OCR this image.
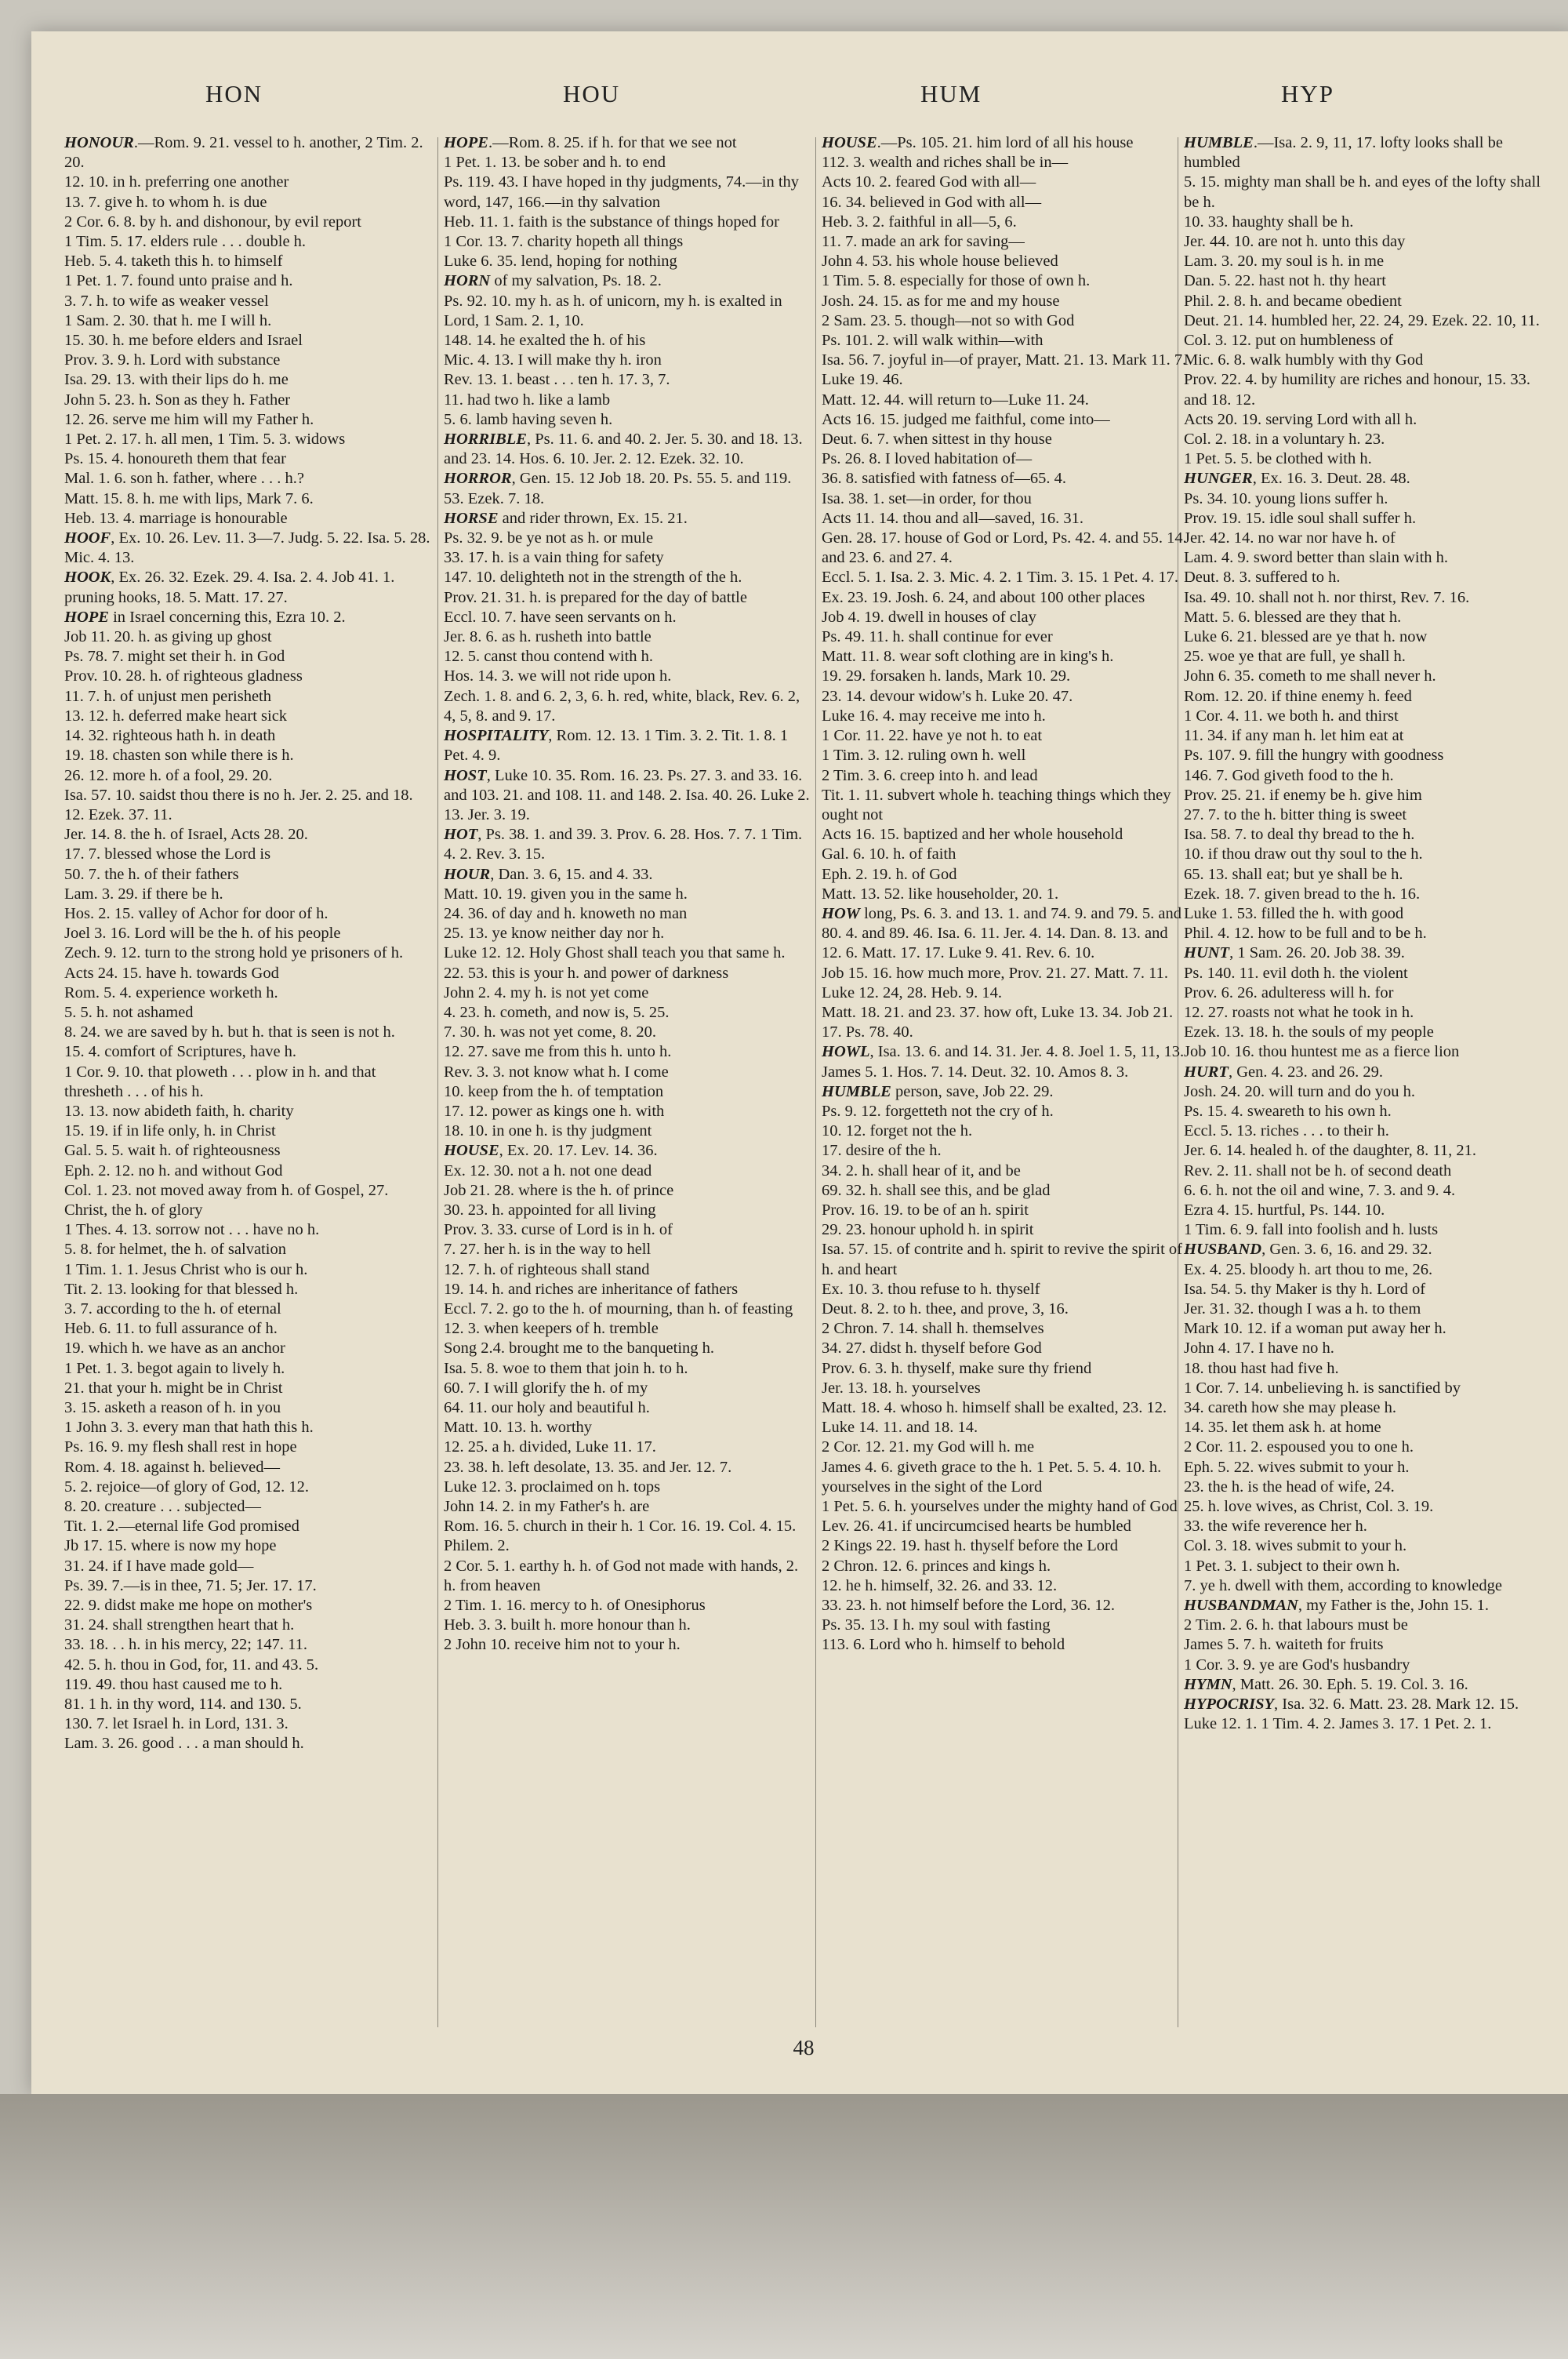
HON	HOU	HUM	HYP

HONOUR.—Rom. 9. 21. vessel to h. another, 2 Tim. 2. 20.

12. 10. in h. preferring one another

13. 7. give h. to whom h. is due

2 Cor. 6. 8. by h. and dishonour, by evil report

1 Tim. 5. 17. elders rule . . . double h.

Heb. 5. 4. taketh this h. to himself

1 Pet. 1. 7. found unto praise and h.

3. 7. h. to wife as weaker vessel

1 Sam. 2. 30. that h. me I will h.

15. 30. h. me before elders and Israel

Prov. 3. 9. h. Lord with substance

Isa. 29. 13. with their lips do h. me

John 5. 23. h. Son as they h. Father

12. 26. serve me him will my Father h.

1 Pet. 2. 17. h. all men, 1 Tim. 5. 3. widows

Ps. 15. 4. honoureth them that fear

Mal. 1. 6. son h. father, where . . . h.?

Matt. 15. 8. h. me with lips, Mark 7. 6.

Heb. 13. 4. marriage is honourable

HOOF, Ex. 10. 26. Lev. 11. 3—7. Judg. 5. 22. Isa. 5. 28. Mic. 4. 13.

HOOK, Ex. 26. 32. Ezek. 29. 4. Isa. 2. 4. Job 41. 1. pruning hooks, 18. 5. Matt. 17. 27.

HOPE in Israel concerning this, Ezra 10. 2.

Job 11. 20. h. as giving up ghost

Ps. 78. 7. might set their h. in God

Prov. 10. 28. h. of righteous gladness

11. 7. h. of unjust men perisheth

13. 12. h. deferred make heart sick

14. 32. righteous hath h. in death

19. 18. chasten son while there is h.

26. 12. more h. of a fool, 29. 20.

Isa. 57. 10. saidst thou there is no h. Jer. 2. 25. and 18. 12. Ezek. 37. 11.

Jer. 14. 8. the h. of Israel, Acts 28. 20.

17. 7. blessed whose the Lord is

50. 7. the h. of their fathers

Lam. 3. 29. if there be h.

Hos. 2. 15. valley of Achor for door of h.

Joel 3. 16. Lord will be the h. of his people

Zech. 9. 12. turn to the strong hold ye prisoners of h.

Acts 24. 15. have h. towards God

Rom. 5. 4. experience worketh h.

5. 5. h. not ashamed

8. 24. we are saved by h. but h. that is seen is not h.

15. 4. comfort of Scriptures, have h.

1 Cor. 9. 10. that ploweth . . . plow in h. and that thresheth . . . of his h.

13. 13. now abideth faith, h. charity

15. 19. if in life only, h. in Christ

Gal. 5. 5. wait h. of righteousness

Eph. 2. 12. no h. and without God

Col. 1. 23. not moved away from h. of Gospel, 27. Christ, the h. of glory

1 Thes. 4. 13. sorrow not . . . have no h.

5. 8. for helmet, the h. of salvation

1 Tim. 1. 1. Jesus Christ who is our h.

Tit. 2. 13. looking for that blessed h.

3. 7. according to the h. of eternal

Heb. 6. 11. to full assurance of h.

19. which h. we have as an anchor

1 Pet. 1. 3. begot again to lively h.

21. that your h. might be in Christ

3. 15. asketh a reason of h. in you

1 John 3. 3. every man that hath this h.

Ps. 16. 9. my flesh shall rest in hope

Rom. 4. 18. against h. believed—

5. 2. rejoice—of glory of God, 12. 12.

8. 20. creature . . . subjected—

Tit. 1. 2.—eternal life God promised

Jb 17. 15. where is now my hope

31. 24. if I have made gold—

Ps. 39. 7.—is in thee, 71. 5; Jer. 17. 17.

22. 9. didst make me hope on mother's

31. 24. shall strengthen heart that h.

33. 18. . . h. in his mercy, 22; 147. 11.

42. 5. h. thou in God, for, 11. and 43. 5.

119. 49. thou hast caused me to h.

81. 1 h. in thy word, 114. and 130. 5.

130. 7. let Israel h. in Lord, 131. 3.

Lam. 3. 26. good . . . a man should h.

HOPE.—Rom. 8. 25. if h. for that we see not

1 Pet. 1. 13. be sober and h. to end

Ps. 119. 43. I have hoped in thy judgments, 74.—in thy word, 147, 166.—in thy salvation

Heb. 11. 1. faith is the substance of things hoped for

1 Cor. 13. 7. charity hopeth all things

Luke 6. 35. lend, hoping for nothing

HORN of my salvation, Ps. 18. 2.

Ps. 92. 10. my h. as h. of unicorn, my h. is exalted in Lord, 1 Sam. 2. 1, 10.

148. 14. he exalted the h. of his

Mic. 4. 13. I will make thy h. iron

Rev. 13. 1. beast . . . ten h. 17. 3, 7.

11. had two h. like a lamb

5. 6. lamb having seven h.

HORRIBLE, Ps. 11. 6. and 40. 2. Jer. 5. 30. and 18. 13. and 23. 14. Hos. 6. 10. Jer. 2. 12. Ezek. 32. 10.

HORROR, Gen. 15. 12 Job 18. 20. Ps. 55. 5. and 119. 53. Ezek. 7. 18.

HORSE and rider thrown, Ex. 15. 21.

Ps. 32. 9. be ye not as h. or mule

33. 17. h. is a vain thing for safety

147. 10. delighteth not in the strength of the h.

Prov. 21. 31. h. is prepared for the day of battle

Eccl. 10. 7. have seen servants on h.

Jer. 8. 6. as h. rusheth into battle

12. 5. canst thou contend with h.

Hos. 14. 3. we will not ride upon h.

Zech. 1. 8. and 6. 2, 3, 6. h. red, white, black, Rev. 6. 2, 4, 5, 8. and 9. 17.

HOSPITALITY, Rom. 12. 13. 1 Tim. 3. 2. Tit. 1. 8. 1 Pet. 4. 9.

HOST, Luke 10. 35. Rom. 16. 23. Ps. 27. 3. and 33. 16. and 103. 21. and 108. 11. and 148. 2. Isa. 40. 26. Luke 2. 13. Jer. 3. 19.

HOT, Ps. 38. 1. and 39. 3. Prov. 6. 28. Hos. 7. 7. 1 Tim. 4. 2. Rev. 3. 15.

HOUR, Dan. 3. 6, 15. and 4. 33.

Matt. 10. 19. given you in the same h.

24. 36. of day and h. knoweth no man

25. 13. ye know neither day nor h.

Luke 12. 12. Holy Ghost shall teach you that same h.

22. 53. this is your h. and power of darkness

John 2. 4. my h. is not yet come

4. 23. h. cometh, and now is, 5. 25.

7. 30. h. was not yet come, 8. 20.

12. 27. save me from this h. unto h.

Rev. 3. 3. not know what h. I come

10. keep from the h. of temptation

17. 12. power as kings one h. with

18. 10. in one h. is thy judgment

HOUSE, Ex. 20. 17. Lev. 14. 36.

Ex. 12. 30. not a h. not one dead

Job 21. 28. where is the h. of prince

30. 23. h. appointed for all living

Prov. 3. 33. curse of Lord is in h. of

7. 27. her h. is in the way to hell

12. 7. h. of righteous shall stand

19. 14. h. and riches are inheritance of fathers

Eccl. 7. 2. go to the h. of mourning, than h. of feasting

12. 3. when keepers of h. tremble

Song 2.4. brought me to the banqueting h.

Isa. 5. 8. woe to them that join h. to h.

60. 7. I will glorify the h. of my

64. 11. our holy and beautiful h.

Matt. 10. 13. h. worthy

12. 25. a h. divided, Luke 11. 17.

23. 38. h. left desolate, 13. 35. and Jer. 12. 7.

Luke 12. 3. proclaimed on h. tops

John 14. 2. in my Father's h. are

Rom. 16. 5. church in their h. 1 Cor. 16. 19. Col. 4. 15. Philem. 2.

2 Cor. 5. 1. earthy h. h. of God not made with hands, 2. h. from heaven

2 Tim. 1. 16. mercy to h. of Onesiphorus

Heb. 3. 3. built h. more honour than h.

2 John 10. receive him not to your h.

HOUSE.—Ps. 105. 21. him lord of all his house

112. 3. wealth and riches shall be in—

Acts 10. 2. feared God with all—

16. 34. believed in God with all—

Heb. 3. 2. faithful in all—5, 6.

11. 7. made an ark for saving—

John 4. 53. his whole house believed

1 Tim. 5. 8. especially for those of own h.

Josh. 24. 15. as for me and my house

2 Sam. 23. 5. though—not so with God

Ps. 101. 2. will walk within—with

Isa. 56. 7. joyful in—of prayer, Matt. 21. 13. Mark 11. 7. Luke 19. 46.

Matt. 12. 44. will return to—Luke 11. 24.

Acts 16. 15. judged me faithful, come into—

Deut. 6. 7. when sittest in thy house

Ps. 26. 8. I loved habitation of—

36. 8. satisfied with fatness of—65. 4.

Isa. 38. 1. set—in order, for thou

Acts 11. 14. thou and all—saved, 16. 31.

Gen. 28. 17. house of God or Lord, Ps. 42. 4. and 55. 14. and 23. 6. and 27. 4.

Eccl. 5. 1. Isa. 2. 3. Mic. 4. 2. 1 Tim. 3. 15. 1 Pet. 4. 17. Ex. 23. 19. Josh. 6. 24, and about 100 other places

Job 4. 19. dwell in houses of clay

Ps. 49. 11. h. shall continue for ever

Matt. 11. 8. wear soft clothing are in king's h.

19. 29. forsaken h. lands, Mark 10. 29.

23. 14. devour widow's h. Luke 20. 47.

Luke 16. 4. may receive me into h.

1 Cor. 11. 22. have ye not h. to eat

1 Tim. 3. 12. ruling own h. well

2 Tim. 3. 6. creep into h. and lead

Tit. 1. 11. subvert whole h. teaching things which they ought not

Acts 16. 15. baptized and her whole household

Gal. 6. 10. h. of faith

Eph. 2. 19. h. of God

Matt. 13. 52. like householder, 20. 1.

HOW long, Ps. 6. 3. and 13. 1. and 74. 9. and 79. 5. and 80. 4. and 89. 46. Isa. 6. 11. Jer. 4. 14. Dan. 8. 13. and 12. 6. Matt. 17. 17. Luke 9. 41. Rev. 6. 10.

Job 15. 16. how much more, Prov. 21. 27. Matt. 7. 11. Luke 12. 24, 28. Heb. 9. 14.

Matt. 18. 21. and 23. 37. how oft, Luke 13. 34. Job 21. 17. Ps. 78. 40.

HOWL, Isa. 13. 6. and 14. 31. Jer. 4. 8. Joel 1. 5, 11, 13. James 5. 1. Hos. 7. 14. Deut. 32. 10. Amos 8. 3.

HUMBLE person, save, Job 22. 29.

Ps. 9. 12. forgetteth not the cry of h.

10. 12. forget not the h.

17. desire of the h.

34. 2. h. shall hear of it, and be

69. 32. h. shall see this, and be glad

Prov. 16. 19. to be of an h. spirit

29. 23. honour uphold h. in spirit

Isa. 57. 15. of contrite and h. spirit to revive the spirit of h. and heart

Ex. 10. 3. thou refuse to h. thyself

Deut. 8. 2. to h. thee, and prove, 3, 16.

2 Chron. 7. 14. shall h. themselves

34. 27. didst h. thyself before God

Prov. 6. 3. h. thyself, make sure thy friend

Jer. 13. 18. h. yourselves

Matt. 18. 4. whoso h. himself shall be exalted, 23. 12. Luke 14. 11. and 18. 14.

2 Cor. 12. 21. my God will h. me

James 4. 6. giveth grace to the h. 1 Pet. 5. 5. 4. 10. h. yourselves in the sight of the Lord

1 Pet. 5. 6. h. yourselves under the mighty hand of God

Lev. 26. 41. if uncircumcised hearts be humbled

2 Kings 22. 19. hast h. thyself before the Lord

2 Chron. 12. 6. princes and kings h.

12. he h. himself, 32. 26. and 33. 12.

33. 23. h. not himself before the Lord, 36. 12.

Ps. 35. 13. I h. my soul with fasting

113. 6. Lord who h. himself to behold

HUMBLE.—Isa. 2. 9, 11, 17. lofty looks shall be humbled

5. 15. mighty man shall be h. and eyes of the lofty shall be h.

10. 33. haughty shall be h.

Jer. 44. 10. are not h. unto this day

Lam. 3. 20. my soul is h. in me

Dan. 5. 22. hast not h. thy heart

Phil. 2. 8. h. and became obedient

Deut. 21. 14. humbled her, 22. 24, 29. Ezek. 22. 10, 11.

Col. 3. 12. put on humbleness of

Mic. 6. 8. walk humbly with thy God

Prov. 22. 4. by humility are riches and honour, 15. 33. and 18. 12.

Acts 20. 19. serving Lord with all h.

Col. 2. 18. in a voluntary h. 23.

1 Pet. 5. 5. be clothed with h.

HUNGER, Ex. 16. 3. Deut. 28. 48.

Ps. 34. 10. young lions suffer h.

Prov. 19. 15. idle soul shall suffer h.

Jer. 42. 14. no war nor have h. of

Lam. 4. 9. sword better than slain with h.

Deut. 8. 3. suffered to h.

Isa. 49. 10. shall not h. nor thirst, Rev. 7. 16.

Matt. 5. 6. blessed are they that h.

Luke 6. 21. blessed are ye that h. now

25. woe ye that are full, ye shall h.

John 6. 35. cometh to me shall never h.

Rom. 12. 20. if thine enemy h. feed

1 Cor. 4. 11. we both h. and thirst

11. 34. if any man h. let him eat at

Ps. 107. 9. fill the hungry with goodness

146. 7. God giveth food to the h.

Prov. 25. 21. if enemy be h. give him

27. 7. to the h. bitter thing is sweet

Isa. 58. 7. to deal thy bread to the h.

10. if thou draw out thy soul to the h.

65. 13. shall eat; but ye shall be h.

Ezek. 18. 7. given bread to the h. 16.

Luke 1. 53. filled the h. with good

Phil. 4. 12. how to be full and to be h.

HUNT, 1 Sam. 26. 20. Job 38. 39.

Ps. 140. 11. evil doth h. the violent

Prov. 6. 26. adulteress will h. for

12. 27. roasts not what he took in h.

Ezek. 13. 18. h. the souls of my people

Job 10. 16. thou huntest me as a fierce lion

HURT, Gen. 4. 23. and 26. 29.

Josh. 24. 20. will turn and do you h.

Ps. 15. 4. sweareth to his own h.

Eccl. 5. 13. riches . . . to their h.

Jer. 6. 14. healed h. of the daughter, 8. 11, 21.

Rev. 2. 11. shall not be h. of second death

6. 6. h. not the oil and wine, 7. 3. and 9. 4.

Ezra 4. 15. hurtful, Ps. 144. 10.

1 Tim. 6. 9. fall into foolish and h. lusts

HUSBAND, Gen. 3. 6, 16. and 29. 32.

Ex. 4. 25. bloody h. art thou to me, 26.

Isa. 54. 5. thy Maker is thy h. Lord of

Jer. 31. 32. though I was a h. to them

Mark 10. 12. if a woman put away her h.

John 4. 17. I have no h.

18. thou hast had five h.

1 Cor. 7. 14. unbelieving h. is sanctified by

34. careth how she may please h.

14. 35. let them ask h. at home

2 Cor. 11. 2. espoused you to one h.

Eph. 5. 22. wives submit to your h.

23. the h. is the head of wife, 24.

25. h. love wives, as Christ, Col. 3. 19.

33. the wife reverence her h.

Col. 3. 18. wives submit to your h.

1 Pet. 3. 1. subject to their own h.

7. ye h. dwell with them, according to knowledge

HUSBANDMAN, my Father is the, John 15. 1.

2 Tim. 2. 6. h. that labours must be

James 5. 7. h. waiteth for fruits

1 Cor. 3. 9. ye are God's husbandry

HYMN, Matt. 26. 30. Eph. 5. 19. Col. 3. 16.

HYPOCRISY, Isa. 32. 6. Matt. 23. 28. Mark 12. 15. Luke 12. 1. 1 Tim. 4. 2. James 3. 17. 1 Pet. 2. 1.

48
